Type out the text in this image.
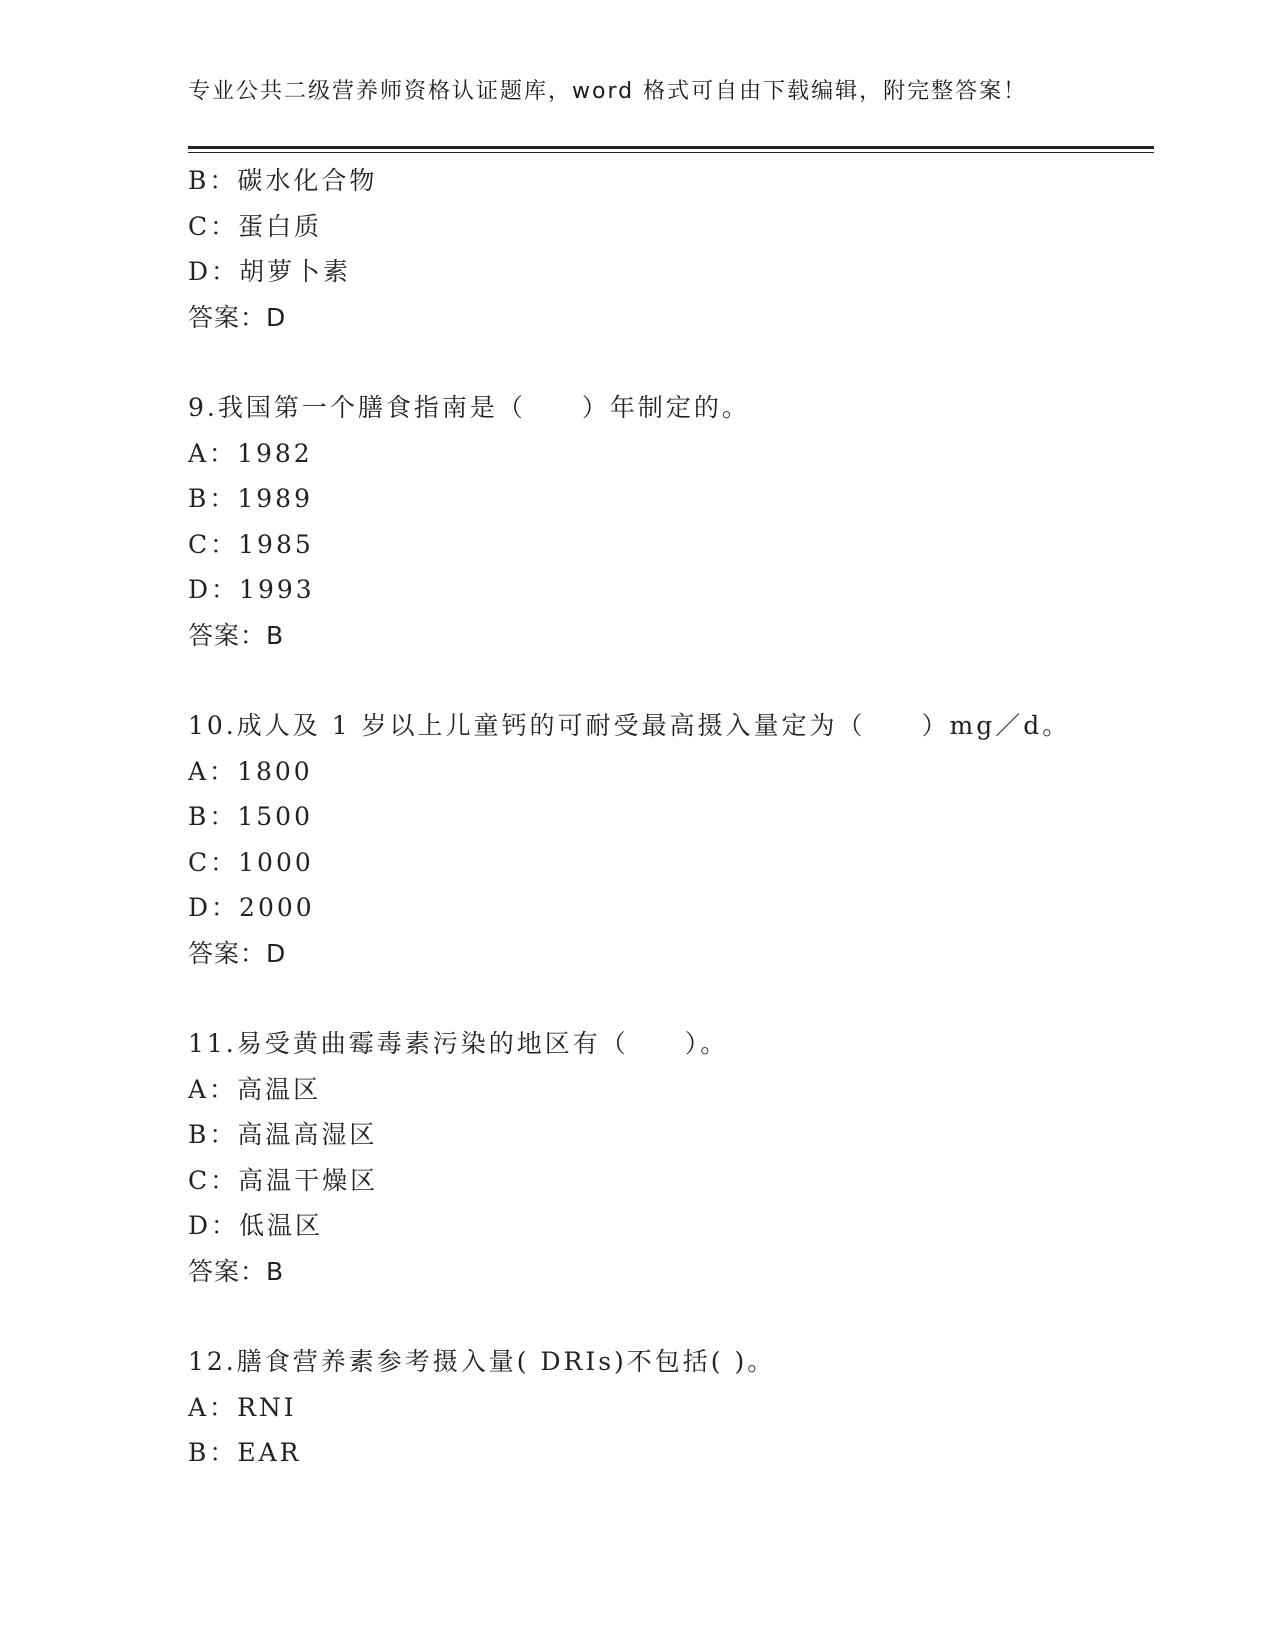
专业公共二级营养师资格认证题库，word 格式可自由下载编辑，附完整答案！
B：碳水化合物
C：蛋白质
D：胡萝卜素
答案：D
9.我国第一个膳食指南是（　　）年制定的。
A：1982
B：1989
C：1985
D：1993
答案：B
10.成人及 1 岁以上儿童钙的可耐受最高摄入量定为（　　）mg／d。
A：1800
B：1500
C：1000
D：2000
答案：D
11.易受黄曲霉毒素污染的地区有（　　）。
A：高温区
B：高温高湿区
C：高温干燥区
D：低温区
答案：B
12.膳食营养素参考摄入量( DRIs)不包括( )。
A：RNI
B：EAR
